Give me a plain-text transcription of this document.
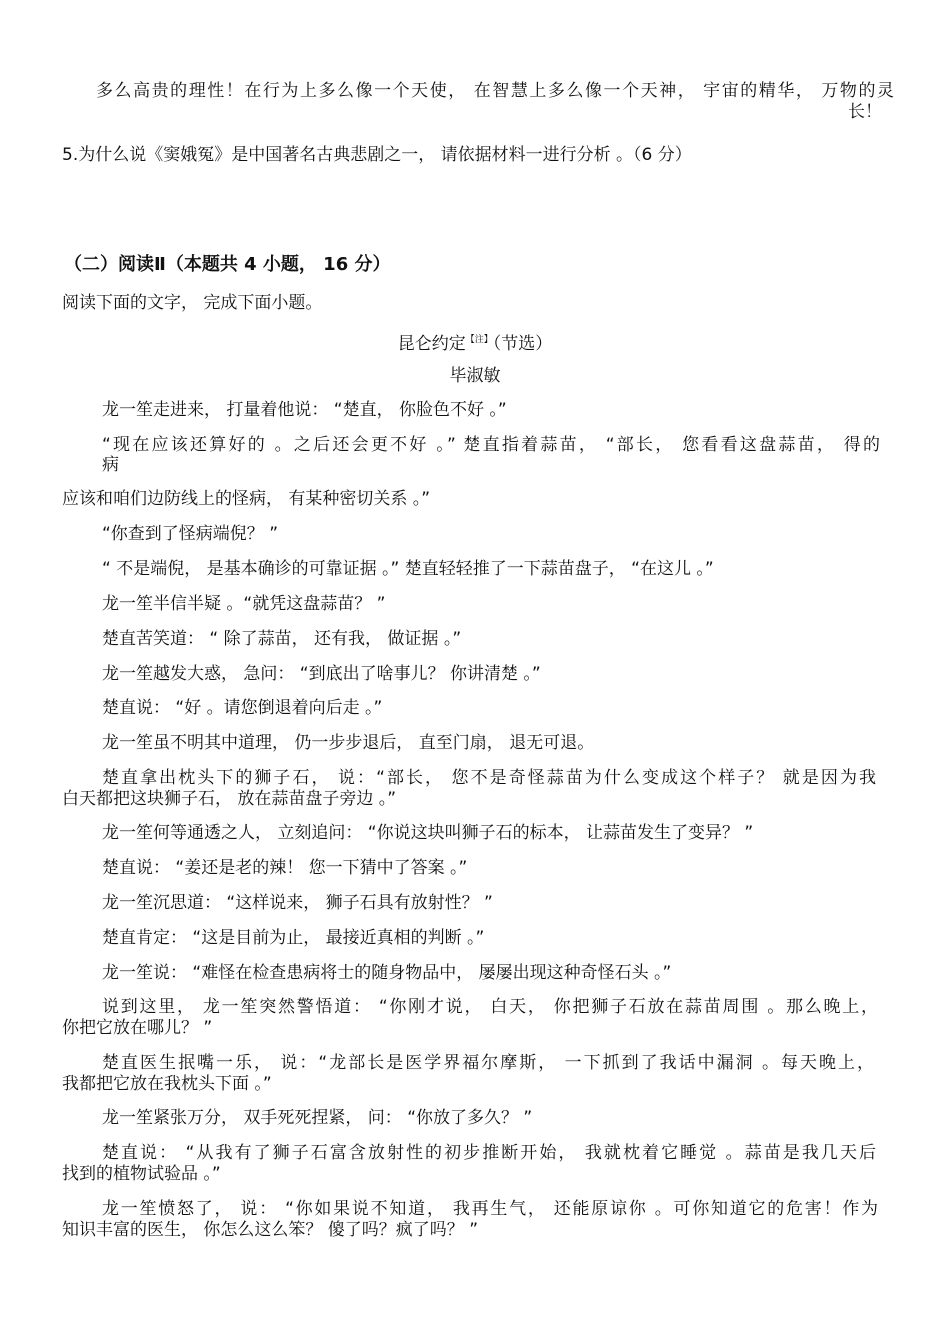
多么高贵的理性！在行为上多么像一个天使， 在智慧上多么像一个天神， 宇宙的精华， 万物的灵
长！
5.为什么说《窦娥冤》是中国著名古典悲剧之一， 请依据材料一进行分析 。（6 分）
（二）阅读Ⅱ（本题共 4 小题， 16 分）
阅读下面的文字， 完成下面小题。
昆仑约定$^{【注】}$（节选）
毕淑敏
龙一笙走进来， 打量着他说： “楚直， 你脸色不好 。”
“现在应该还算好的 。之后还会更不好 。” 楚直指着蒜苗， “部长， 您看看这盘蒜苗， 得的
病
应该和咱们边防线上的怪病， 有某种密切关系 。”
“你查到了怪病端倪？ ”
“ 不是端倪， 是基本确诊的可靠证据 。” 楚直轻轻推了一下蒜苗盘子， “在这儿 。”
龙一笙半信半疑 。“就凭这盘蒜苗？ ”
楚直苦笑道： “ 除了蒜苗， 还有我， 做证据 。”
龙一笙越发大惑， 急问： “到底出了啥事儿？ 你讲清楚 。”
楚直说： “好 。请您倒退着向后走 。”
龙一笙虽不明其中道理， 仍一步步退后， 直至门扇， 退无可退。
楚直拿出枕头下的狮子石， 说：“部长， 您不是奇怪蒜苗为什么变成这个样子？ 就是因为我
白天都把这块狮子石， 放在蒜苗盘子旁边 。”
龙一笙何等通透之人， 立刻追问： “你说这块叫狮子石的标本， 让蒜苗发生了变异？ ”
楚直说： “姜还是老的辣！ 您一下猜中了答案 。”
龙一笙沉思道： “这样说来， 狮子石具有放射性？ ”
楚直肯定： “这是目前为止， 最接近真相的判断 。”
龙一笙说： “难怪在检查患病将士的随身物品中， 屡屡出现这种奇怪石头 。”
说到这里， 龙一笙突然警悟道： “你刚才说， 白天， 你把狮子石放在蒜苗周围 。那么晚上，
你把它放在哪儿？ ”
楚直医生抿嘴一乐， 说：“龙部长是医学界福尔摩斯， 一下抓到了我话中漏洞 。每天晚上，
我都把它放在我枕头下面 。”
龙一笙紧张万分， 双手死死捏紧， 问： “你放了多久？ ”
楚直说： “从我有了狮子石富含放射性的初步推断开始， 我就枕着它睡觉 。蒜苗是我几天后
找到的植物试验品 。”
龙一笙愤怒了， 说： “你如果说不知道， 我再生气， 还能原谅你 。可你知道它的危害！作为
知识丰富的医生， 你怎么这么笨？ 傻了吗？疯了吗？ ”
